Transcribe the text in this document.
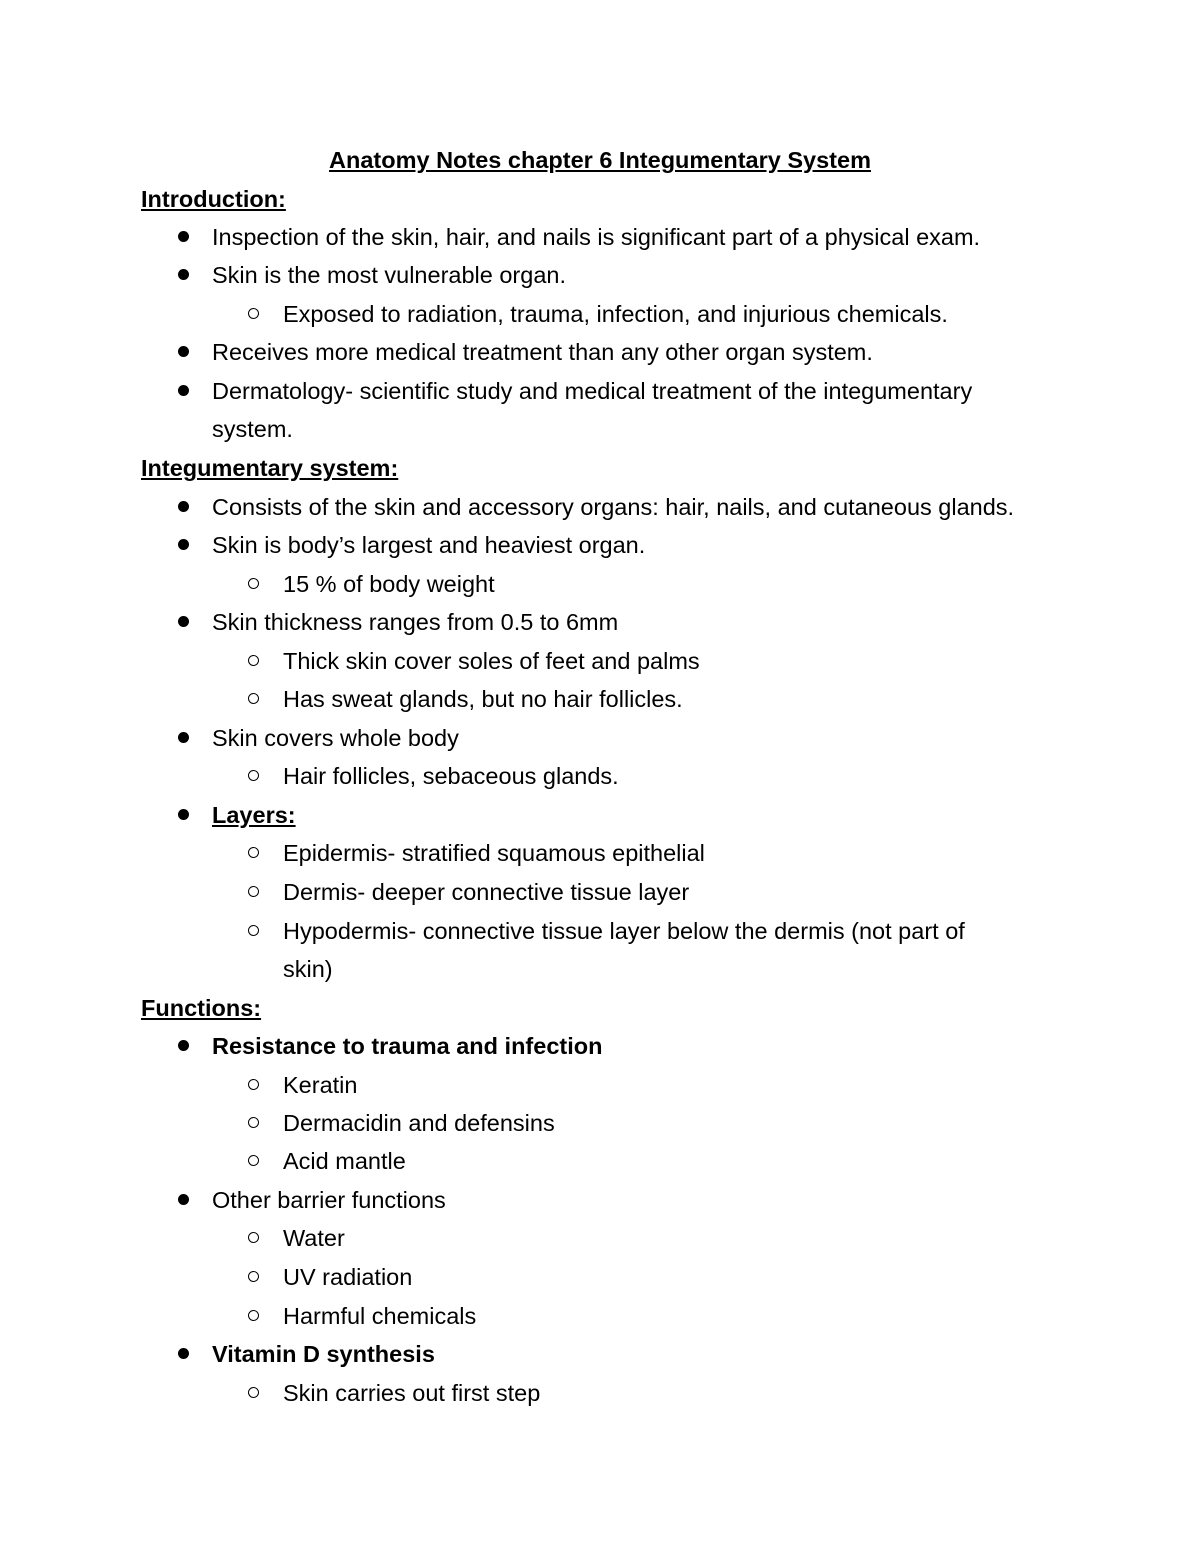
Anatomy Notes chapter 6 Integumentary System
Introduction:
Inspection of the skin, hair, and nails is significant part of a physical exam.
Skin is the most vulnerable organ.
Exposed to radiation, trauma, infection, and injurious chemicals.
Receives more medical treatment than any other organ system.
Dermatology- scientific study and medical treatment of the integumentary
system.
Integumentary system:
Consists of the skin and accessory organs: hair, nails, and cutaneous glands.
Skin is body’s largest and heaviest organ.
15 % of body weight
Skin thickness ranges from 0.5 to 6mm
Thick skin cover soles of feet and palms
Has sweat glands, but no hair follicles.
Skin covers whole body
Hair follicles, sebaceous glands.
Layers:
Epidermis- stratified squamous epithelial
Dermis- deeper connective tissue layer
Hypodermis- connective tissue layer below the dermis (not part of
skin)
Functions:
Resistance to trauma and infection
Keratin
Dermacidin and defensins
Acid mantle
Other barrier functions
Water
UV radiation
Harmful chemicals
Vitamin D synthesis
Skin carries out first step
